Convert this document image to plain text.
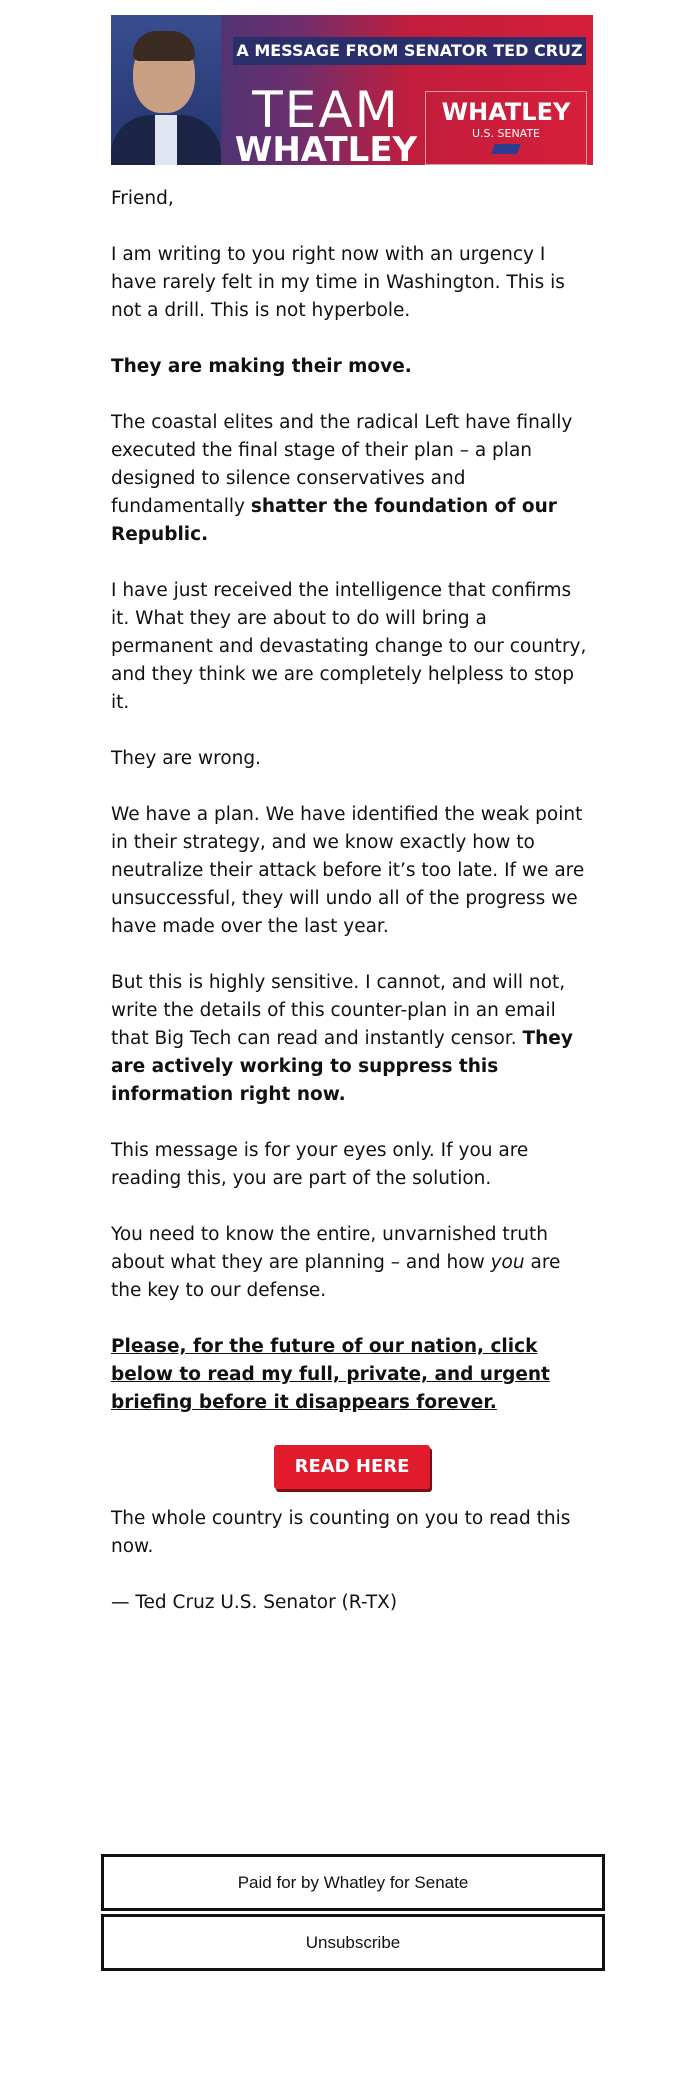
A MESSAGE FROM SENATOR TED CRUZ
TEAM
WHATLEY
WHATLEY
U.S. SENATE

Friend,

I am writing to you right now with an urgency I have rarely felt in my time in Washington. This is not a drill. This is not hyperbole.

They are making their move.

The coastal elites and the radical Left have finally executed the final stage of their plan – a plan designed to silence conservatives and fundamentally shatter the foundation of our Republic.

I have just received the intelligence that confirms it. What they are about to do will bring a permanent and devastating change to our country, and they think we are completely helpless to stop it.

They are wrong.

We have a plan. We have identified the weak point in their strategy, and we know exactly how to neutralize their attack before it’s too late. If we are unsuccessful, they will undo all of the progress we have made over the last year.

But this is highly sensitive. I cannot, and will not, write the details of this counter-plan in an email that Big Tech can read and instantly censor. They are actively working to suppress this information right now.

This message is for your eyes only. If you are reading this, you are part of the solution.

You need to know the entire, unvarnished truth about what they are planning – and how you are the key to our defense.

Please, for the future of our nation, click below to read my full, private, and urgent briefing before it disappears forever.

READ HERE

The whole country is counting on you to read this now.

— Ted Cruz U.S. Senator (R-TX)

Paid for by Whatley for Senate
Unsubscribe
